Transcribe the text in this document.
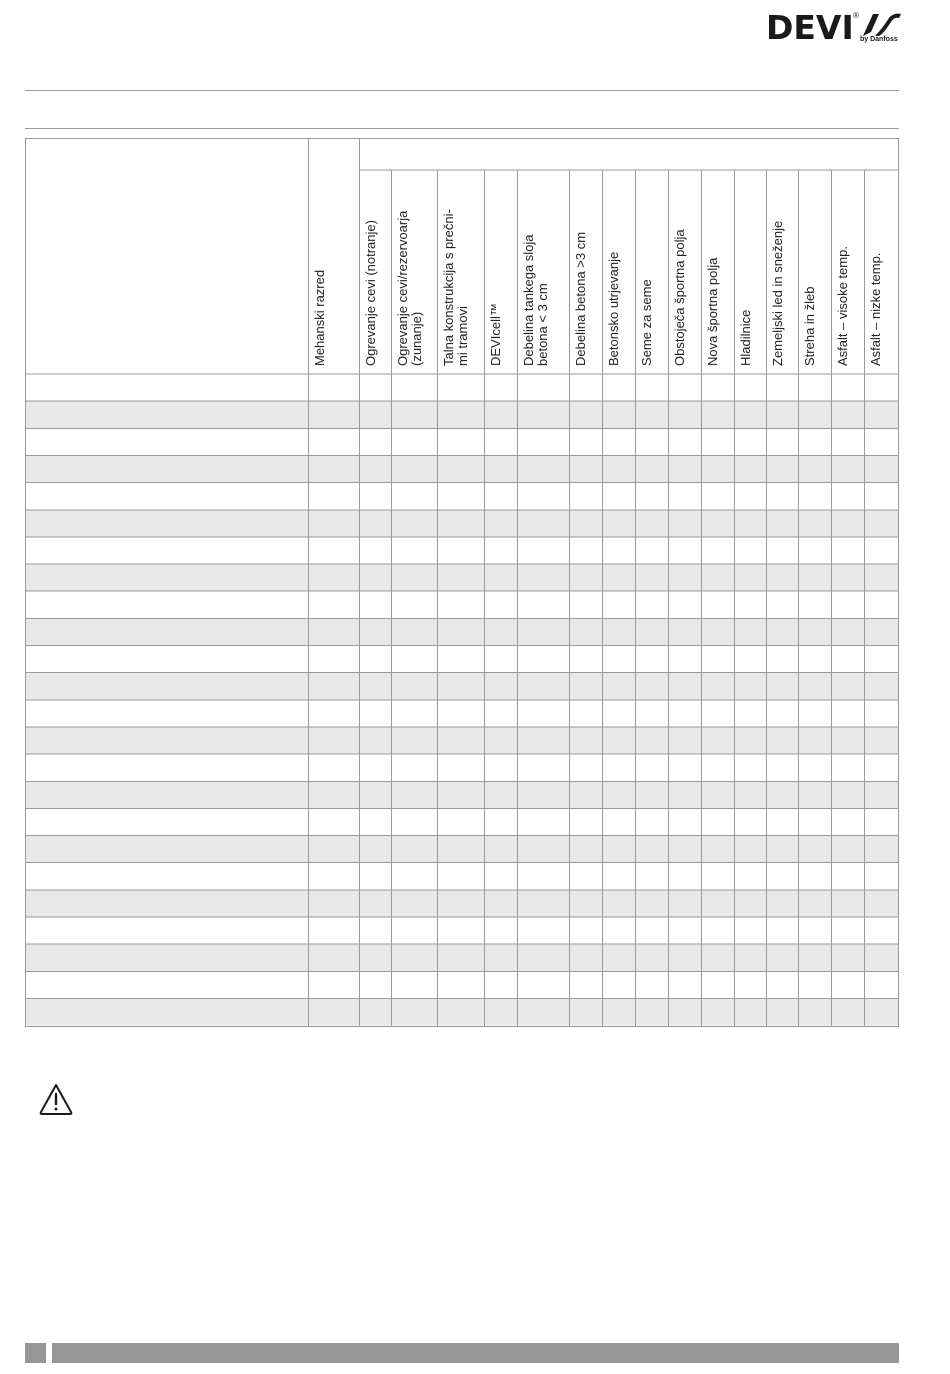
DEVI ®
by Danfoss
Mehanski razred	Ogrevanje cevi (notranje) Ogrevanje cevi/rezervoarja (zunanje) Talna konstrukcija s prečni- mi tramovi DEVIcell™ Debelina tankega sloja betona < 3 cm Debelina betona >3 cm Betonsko utrjevanje Seme za seme Obstoječa športna polja Nova športna polja Hladilnice Zemeljski led in sneženje Streha in žleb Asfalt – visoke temp. Asfalt – nizke temp.
